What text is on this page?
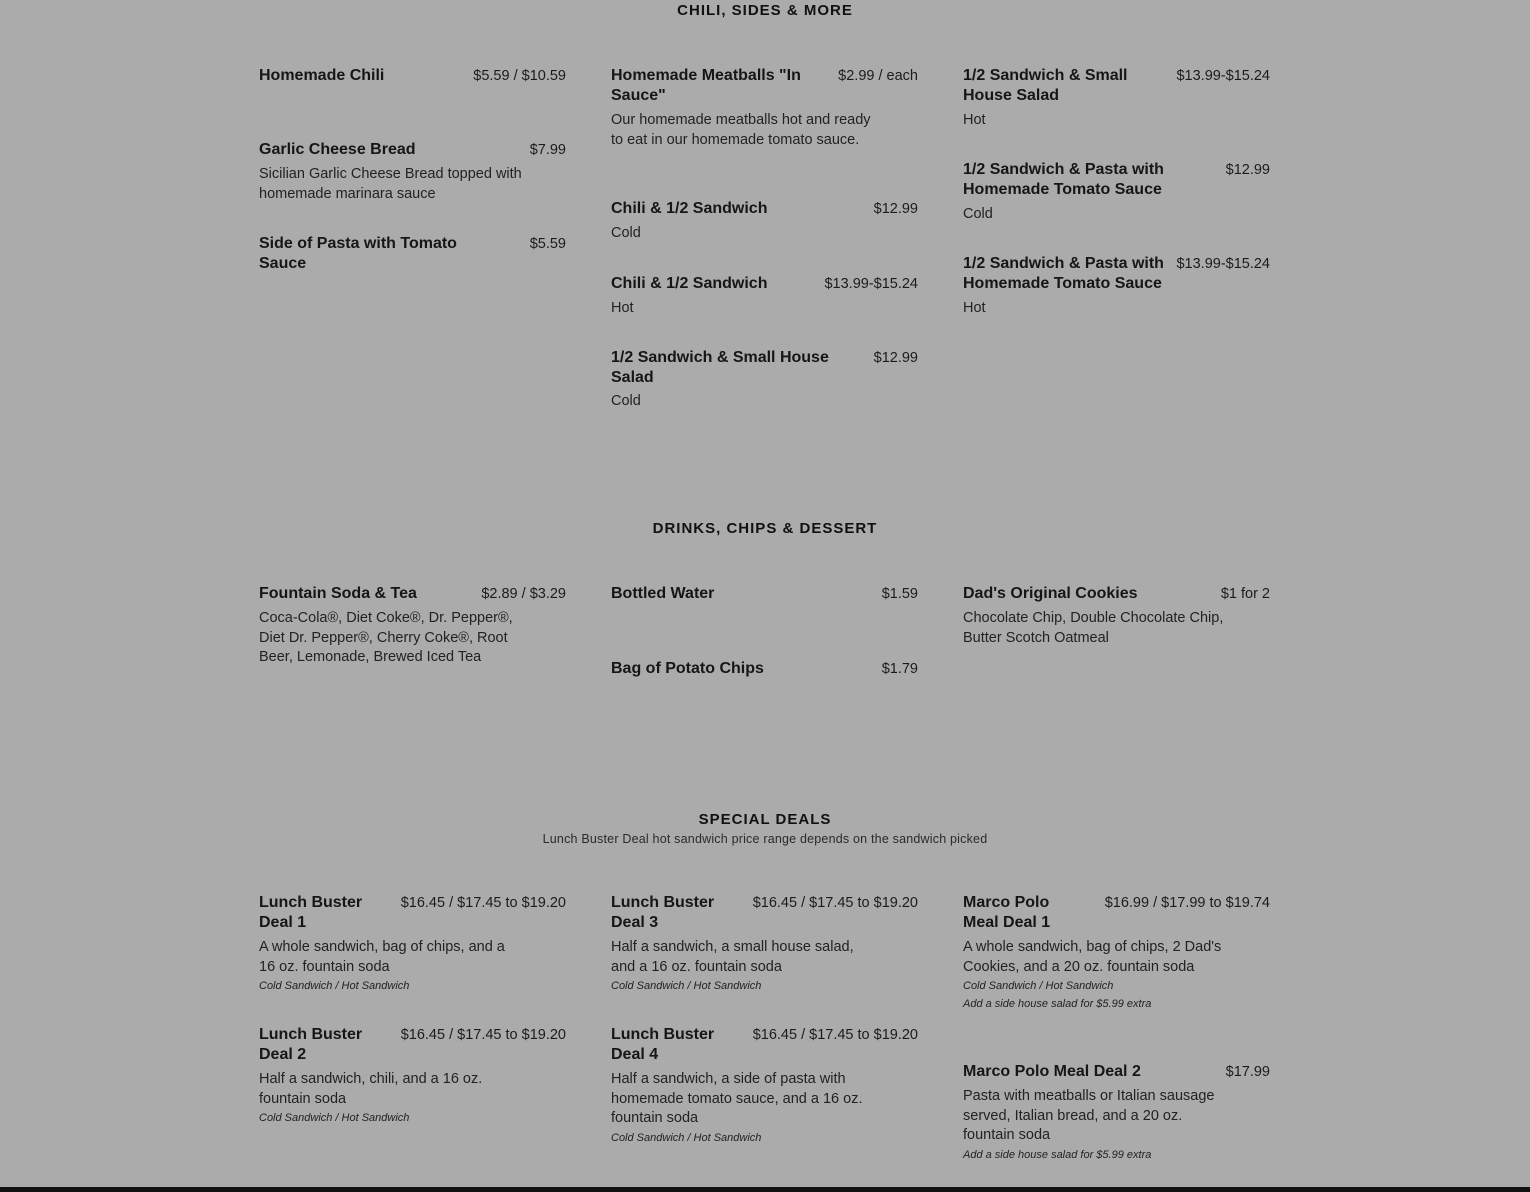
CHILI, SIDES & MORE
Homemade Chili	$5.59 / $10.59
Garlic Cheese Bread	$7.99
Sicilian Garlic Cheese Bread topped with homemade marinara sauce
Side of Pasta with Tomato Sauce
$5.59
Homemade Meatballs "In Sauce"
$2.99 / each
Our homemade meatballs hot and ready to eat in our homemade tomato sauce.
Chili & 1/2 Sandwich	$12.99
Cold
Chili & 1/2 Sandwich	$13.99-$15.24
Hot
1/2 Sandwich & Small House Salad
$12.99
Cold
1/2 Sandwich & Small House Salad
$13.99-$15.24
Hot
1/2 Sandwich & Pasta with Homemade Tomato Sauce
$12.99
Cold
1/2 Sandwich & Pasta with Homemade Tomato Sauce
$13.99-$15.24
Hot
DRINKS, CHIPS & DESSERT
Fountain Soda & Tea	$2.89 / $3.29
Coca-Cola®, Diet Coke®, Dr. Pepper®, Diet Dr. Pepper®, Cherry Coke®, Root Beer, Lemonade, Brewed Iced Tea
Bottled Water	$1.59
Bag of Potato Chips	$1.79
Dad's Original Cookies	$1 for 2
Chocolate Chip, Double Chocolate Chip, Butter Scotch Oatmeal
SPECIAL DEALS
Lunch Buster Deal hot sandwich price range depends on the sandwich picked
Lunch Buster Deal 1
$16.45 / $17.45 to $19.20
A whole sandwich, bag of chips, and a 16 oz. fountain soda
Cold Sandwich / Hot Sandwich
Lunch Buster Deal 2
$16.45 / $17.45 to $19.20
Half a sandwich, chili, and a 16 oz. fountain soda
Cold Sandwich / Hot Sandwich
Lunch Buster Deal 3
$16.45 / $17.45 to $19.20
Half a sandwich, a small house salad, and a 16 oz. fountain soda
Cold Sandwich / Hot Sandwich
Lunch Buster Deal 4
$16.45 / $17.45 to $19.20
Half a sandwich, a side of pasta with homemade tomato sauce, and a 16 oz. fountain soda
Cold Sandwich / Hot Sandwich
Marco Polo Meal Deal 1
$16.99 / $17.99 to $19.74
A whole sandwich, bag of chips, 2 Dad's Cookies, and a 20 oz. fountain soda
Cold Sandwich / Hot Sandwich
Add a side house salad for $5.99 extra
Marco Polo Meal Deal 2	$17.99
Pasta with meatballs or Italian sausage served, Italian bread, and a 20 oz. fountain soda
Add a side house salad for $5.99 extra
